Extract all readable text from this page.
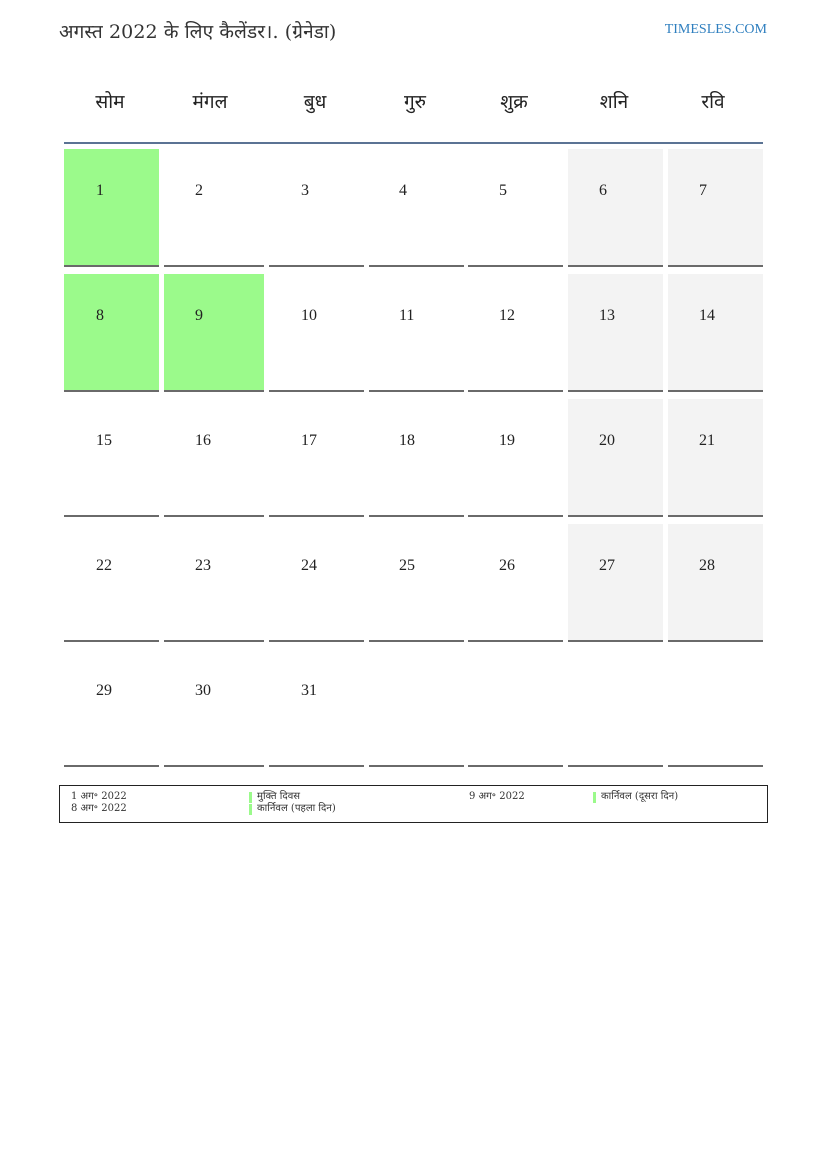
अगस्त 2022 के लिए कैलेंडर।. (ग्रेनेडा)	TIMESLES.COM
सोम	मंगल	बुध	गुरु	शुक्र	शनि	रवि
1	2	3	4	5	6	7
8	9	10	11	12	13	14
15	16	17	18	19	20	21
22	23	24	25	26	27	28
29	30	31
1 अग॰ 2022	मुक्ति दिवस	9 अग॰ 2022	कार्निवल (दूसरा दिन)
8 अग॰ 2022	कार्निवल (पहला दिन)
